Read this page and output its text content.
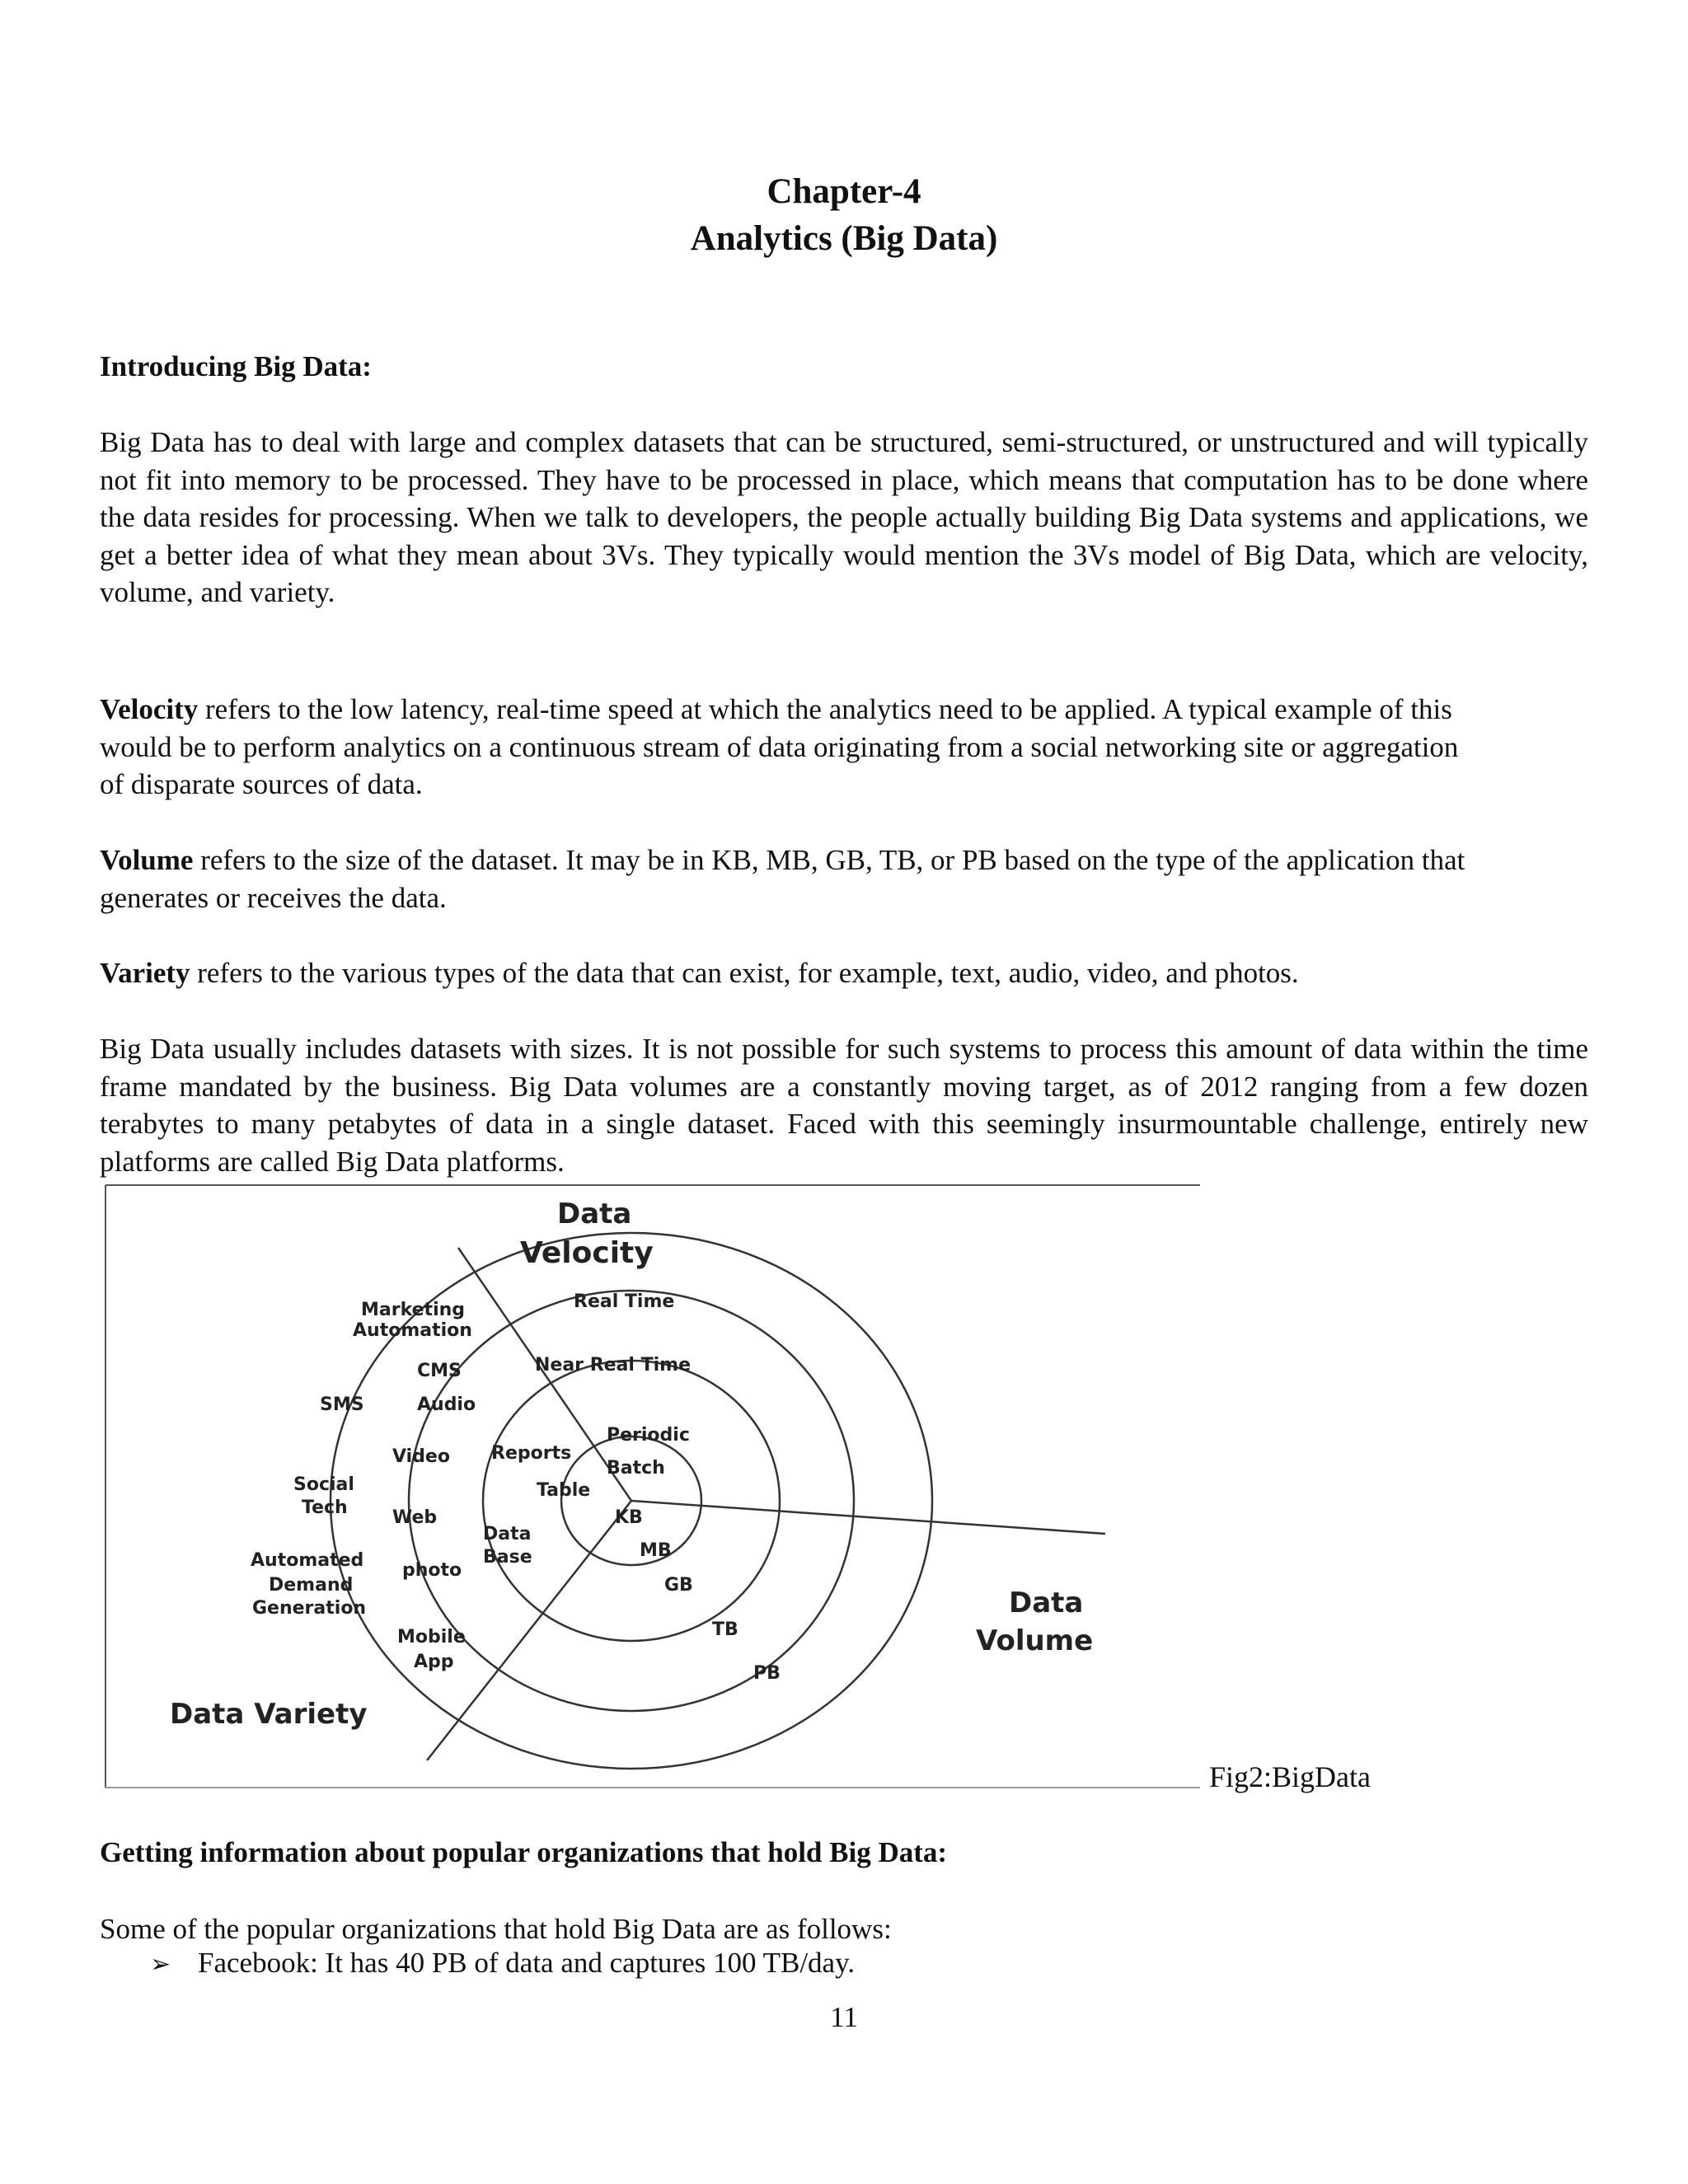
Chapter-4
Analytics (Big Data)
Introducing Big Data:

Big Data has to deal with large and complex datasets that can be structured, semi-structured, or unstructured and will typically not fit into memory to be processed. They have to be processed in place, which means that computation has to be done where the data resides for processing. When we talk to developers, the people actually building Big Data systems and applications, we get a better idea of what they mean about 3Vs. They typically would mention the 3Vs model of Big Data, which are velocity, volume, and variety.

Velocity refers to the low latency, real-time speed at which the analytics need to be applied. A typical example of this would be to perform analytics on a continuous stream of data originating from a social networking site or aggregation of disparate sources of data.

Volume refers to the size of the dataset. It may be in KB, MB, GB, TB, or PB based on the type of the application that generates or receives the data.

Variety refers to the various types of the data that can exist, for example, text, audio, video, and photos.

Big Data usually includes datasets with sizes. It is not possible for such systems to process this amount of data within the time frame mandated by the business. Big Data volumes are a constantly moving target, as of 2012 ranging from a few dozen terabytes to many petabytes of data in a single dataset. Faced with this seemingly insurmountable challenge, entirely new platforms are called Big Data platforms.

Data
Velocity
Data
Volume
Data Variety
Real Time
Near Real Time
Periodic
Batch
KB
MB
GB
TB
PB
Marketing
Automation
CMS
SMS	Audio
Video Reports
Table
Social
Tech Web
Data
Base
Automated
Demand
Generation
photo
Mobile
App
Fig2:BigData
Getting information about popular organizations that hold Big Data:

Some of the popular organizations that hold Big Data are as follows:

➢ Facebook: It has 40 PB of data and captures 100 TB/day.
11
